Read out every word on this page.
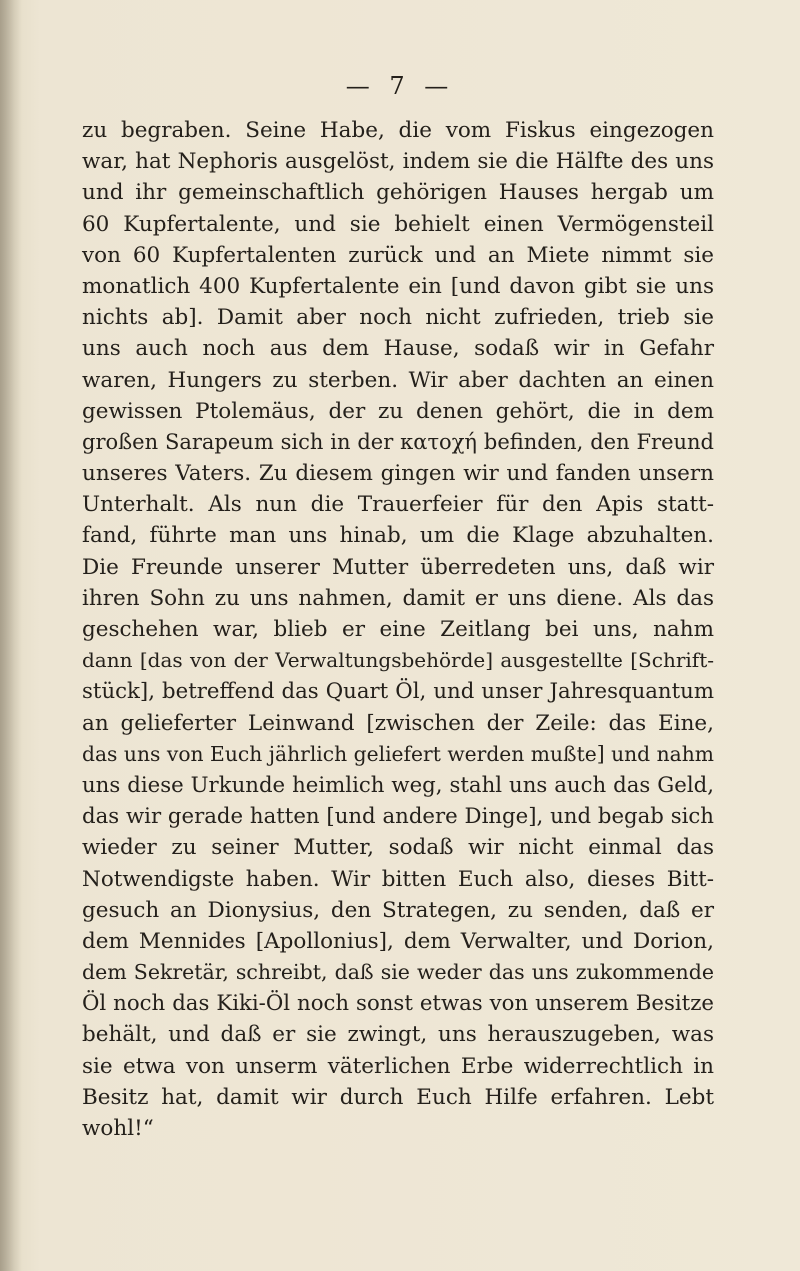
— 7 —
zu begraben. Seine Habe, die vom Fiskus eingezogen
war, hat Nephoris ausgelöst, indem sie die Hälfte des uns
und ihr gemeinschaftlich gehörigen Hauses hergab um
60 Kupfertalente, und sie behielt einen Vermögensteil
von 60 Kupfertalenten zurück und an Miete nimmt sie
monatlich 400 Kupfertalente ein [und davon gibt sie uns
nichts ab]. Damit aber noch nicht zufrieden, trieb sie
uns auch noch aus dem Hause, sodaß wir in Gefahr
waren, Hungers zu sterben. Wir aber dachten an einen
gewissen Ptolemäus, der zu denen gehört, die in dem
großen Sarapeum sich in der κατοχή befinden, den Freund
unseres Vaters. Zu diesem gingen wir und fanden unsern
Unterhalt. Als nun die Trauerfeier für den Apis statt-
fand, führte man uns hinab, um die Klage abzuhalten.
Die Freunde unserer Mutter überredeten uns, daß wir
ihren Sohn zu uns nahmen, damit er uns diene. Als das
geschehen war, blieb er eine Zeitlang bei uns, nahm
dann [das von der Verwaltungsbehörde] ausgestellte [Schrift-
stück], betreffend das Quart Öl, und unser Jahresquantum
an gelieferter Leinwand [zwischen der Zeile: das Eine,
das uns von Euch jährlich geliefert werden mußte] und nahm
uns diese Urkunde heimlich weg, stahl uns auch das Geld,
das wir gerade hatten [und andere Dinge], und begab sich
wieder zu seiner Mutter, sodaß wir nicht einmal das
Notwendigste haben. Wir bitten Euch also, dieses Bitt-
gesuch an Dionysius, den Strategen, zu senden, daß er
dem Mennides [Apollonius], dem Verwalter, und Dorion,
dem Sekretär, schreibt, daß sie weder das uns zukommende
Öl noch das Kiki-Öl noch sonst etwas von unserem Besitze
behält, und daß er sie zwingt, uns herauszugeben, was
sie etwa von unserm väterlichen Erbe widerrechtlich in
Besitz hat, damit wir durch Euch Hilfe erfahren. Lebt
wohl!“
